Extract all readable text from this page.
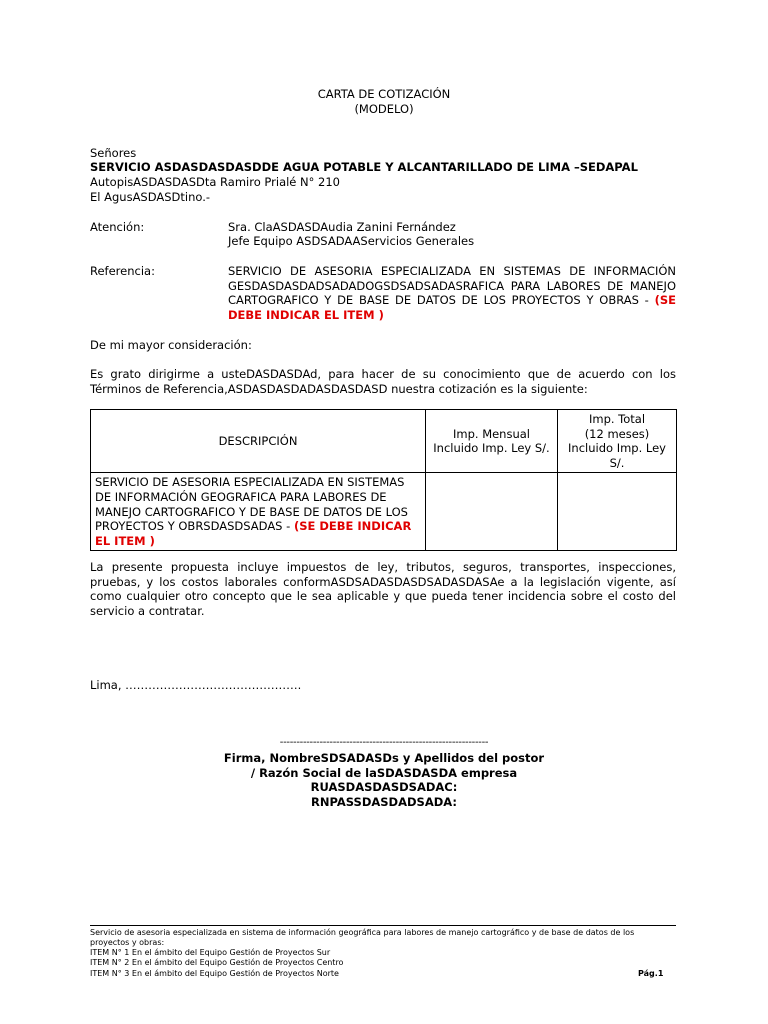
CARTA DE COTIZACIÓN
(MODELO)
Señores
SERVICIO ASDASDASDASDDE AGUA POTABLE Y ALCANTARILLADO DE LIMA –SEDAPAL
AutopisASDASDASDta Ramiro Prialé N° 210
El AgusASDASDtino.-
Atención:	Sra. ClaASDASDAudia Zanini Fernández
Jefe Equipo ASDSADAAServicios Generales
Referencia:	SERVICIO DE ASESORIA ESPECIALIZADA EN SISTEMAS DE INFORMACIÓN GESDASDASDADSADADOGSDSADSADASRAFICA PARA LABORES DE MANEJO CARTOGRAFICO Y DE BASE DE DATOS DE LOS PROYECTOS Y OBRAS - (SE DEBE INDICAR EL ITEM )
De mi mayor consideración:
Es grato dirigirme a usteDASDASDAd, para hacer de su conocimiento que de acuerdo con los Términos de Referencia,ASDASDASDADASDASDASD nuestra cotización es la siguiente:
DESCRIPCIÓN	Imp. Mensual Incluido Imp. Ley S/.	Imp. Total
(12 meses)
Incluido Imp. Ley S/.

SERVICIO DE ASESORIA ESPECIALIZADA EN SISTEMAS DE INFORMACIÓN GEOGRAFICA PARA LABORES DE MANEJO CARTOGRAFICO Y DE BASE DE DATOS DE LOS PROYECTOS Y OBRSDASDSADAS - (SE DEBE INDICAR EL ITEM )		
La presente propuesta incluye impuestos de ley, tributos, seguros, transportes, inspecciones, pruebas, y los costos laborales conformASDSADASDASDSADASDASAe a la legislación vigente, así como cualquier otro concepto que le sea aplicable y que pueda tener incidencia sobre el costo del servicio a contratar.
Lima, ……………………………………….
---------------------------------------------------------------
Firma, NombreSDSADASDs y Apellidos del postor
/ Razón Social de laSDASDASDA empresa
RUASDASDASDSADAC:
RNPASSDASDADSADA:
Servicio de asesoria especializada en sistema de información geográfica para labores de manejo cartográfico y de base de datos de los proyectos y obras:
ITEM N° 1 En el ámbito del Equipo Gestión de Proyectos Sur
ITEM N° 2 En el ámbito del Equipo Gestión de Proyectos Centro
ITEM N° 3 En el ámbito del Equipo Gestión de Proyectos Norte	Pág.1
